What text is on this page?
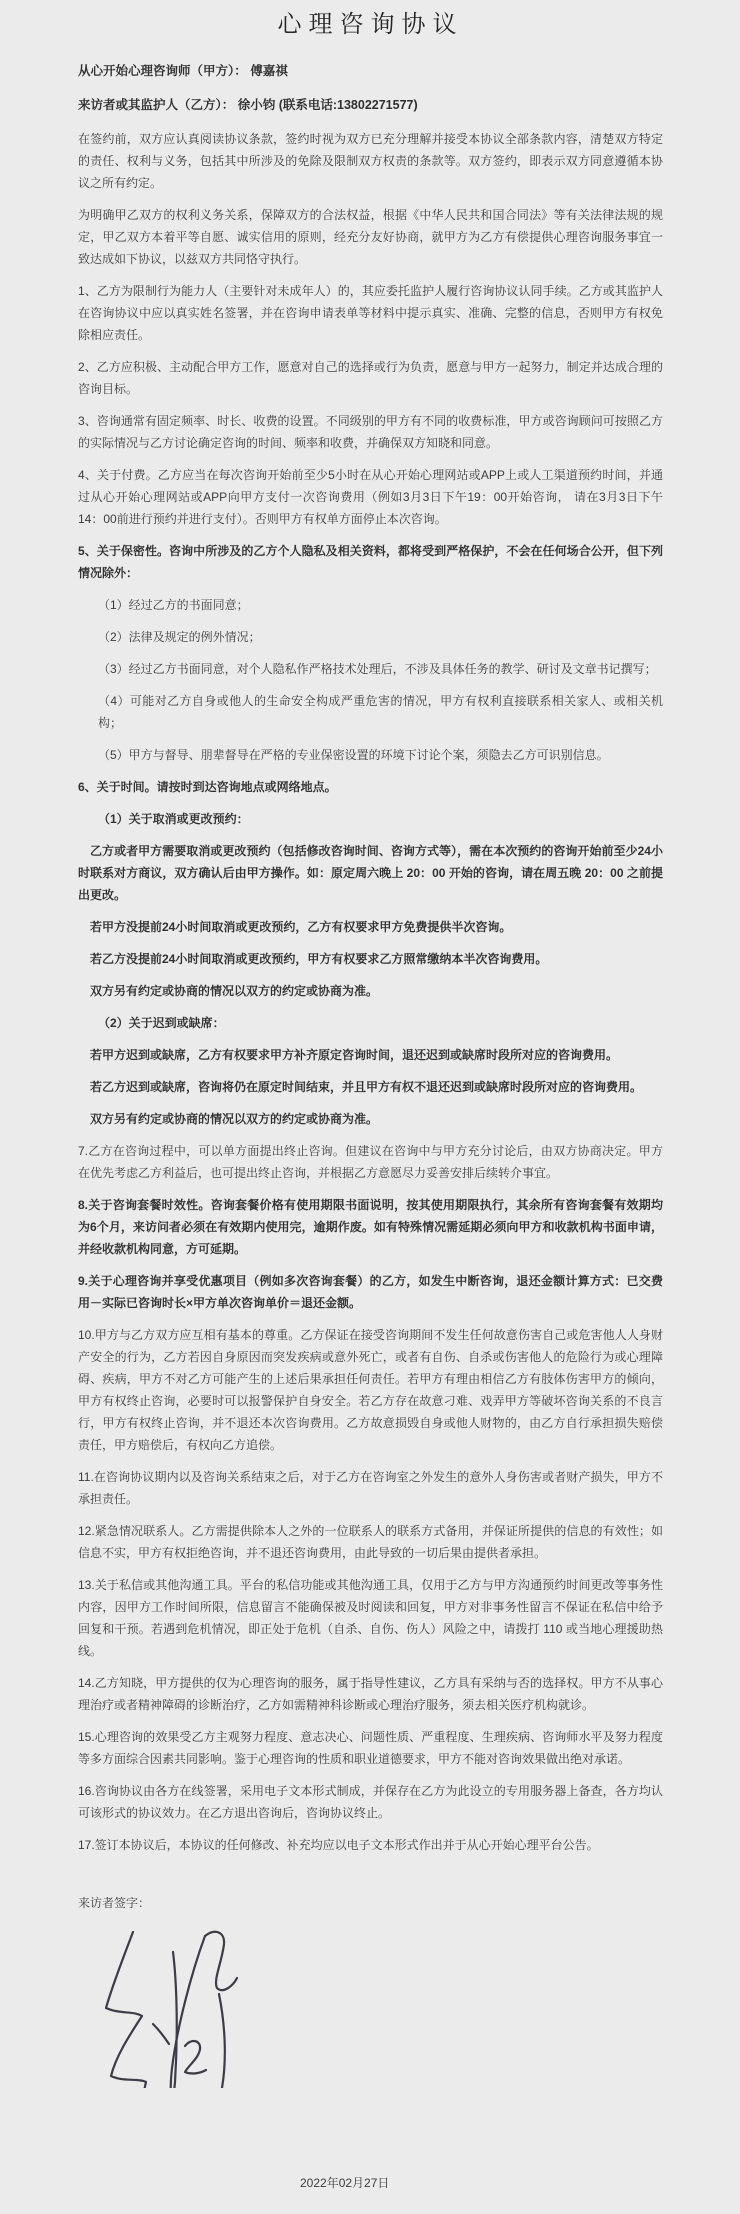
心理咨询协议
从心开始心理咨询师（甲方）： 傅嘉祺
来访者或其监护人（乙方）： 徐小钧 (联系电话:13802271577)

在签约前，双方应认真阅读协议条款，签约时视为双方已充分理解并接受本协议全部条款内容，清楚双方特定的责任、权利与义务，包括其中所涉及的免除及限制双方权责的条款等。双方签约，即表示双方同意遵循本协议之所有约定。

为明确甲乙双方的权利义务关系，保障双方的合法权益，根据《中华人民共和国合同法》等有关法律法规的规定，甲乙双方本着平等自愿、诚实信用的原则，经充分友好协商，就甲方为乙方有偿提供心理咨询服务事宜一致达成如下协议，以兹双方共同恪守执行。

1、乙方为限制行为能力人（主要针对未成年人）的，其应委托监护人履行咨询协议认同手续。乙方或其监护人在咨询协议中应以真实姓名签署，并在咨询申请表单等材料中提示真实、准确、完整的信息，否则甲方有权免除相应责任。

2、乙方应积极、主动配合甲方工作，愿意对自己的选择或行为负责，愿意与甲方一起努力，制定并达成合理的咨询目标。

3、咨询通常有固定频率、时长、收费的设置。不同级别的甲方有不同的收费标准，甲方或咨询顾问可按照乙方的实际情况与乙方讨论确定咨询的时间、频率和收费，并确保双方知晓和同意。

4、关于付费。乙方应当在每次咨询开始前至少5小时在从心开始心理网站或APP上或人工渠道预约时间，并通过从心开始心理网站或APP向甲方支付一次咨询费用（例如3月3日下午19：00开始咨询， 请在3月3日下午14：00前进行预约并进行支付）。否则甲方有权单方面停止本次咨询。

5、关于保密性。咨询中所涉及的乙方个人隐私及相关资料，都将受到严格保护，不会在任何场合公开，但下列情况除外：

（1）经过乙方的书面同意；

（2）法律及规定的例外情况；

（3）经过乙方书面同意，对个人隐私作严格技术处理后，不涉及具体任务的教学、研讨及文章书记撰写；

（4）可能对乙方自身或他人的生命安全构成严重危害的情况，甲方有权利直接联系相关家人、或相关机构；

（5）甲方与督导、朋辈督导在严格的专业保密设置的环境下讨论个案，须隐去乙方可识别信息。

6、关于时间。请按时到达咨询地点或网络地点。

（1）关于取消或更改预约：

乙方或者甲方需要取消或更改预约（包括修改咨询时间、咨询方式等），需在本次预约的咨询开始前至少24小时联系对方商议，双方确认后由甲方操作。如：原定周六晚上 20：00 开始的咨询，请在周五晚 20：00 之前提出更改。

若甲方没提前24小时间取消或更改预约，乙方有权要求甲方免费提供半次咨询。

若乙方没提前24小时间取消或更改预约，甲方有权要求乙方照常缴纳本半次咨询费用。

双方另有约定或协商的情况以双方的约定或协商为准。

（2）关于迟到或缺席：

若甲方迟到或缺席，乙方有权要求甲方补齐原定咨询时间，退还迟到或缺席时段所对应的咨询费用。

若乙方迟到或缺席，咨询将仍在原定时间结束，并且甲方有权不退还迟到或缺席时段所对应的咨询费用。

双方另有约定或协商的情况以双方的约定或协商为准。

7.乙方在咨询过程中，可以单方面提出终止咨询。但建议在咨询中与甲方充分讨论后，由双方协商决定。甲方在优先考虑乙方利益后，也可提出终止咨询，并根据乙方意愿尽力妥善安排后续转介事宜。

8.关于咨询套餐时效性。咨询套餐价格有使用期限书面说明，按其使用期限执行，其余所有咨询套餐有效期均为6个月，来访问者必须在有效期内使用完，逾期作废。如有特殊情况需延期必须向甲方和收款机构书面申请，并经收款机构同意，方可延期。

9.关于心理咨询并享受优惠项目（例如多次咨询套餐）的乙方，如发生中断咨询，退还金额计算方式：已交费用－实际已咨询时长×甲方单次咨询单价＝退还金额。

10.甲方与乙方双方应互相有基本的尊重。乙方保证在接受咨询期间不发生任何故意伤害自己或危害他人人身财产安全的行为，乙方若因自身原因而突发疾病或意外死亡，或者有自伤、自杀或伤害他人的危险行为或心理障碍、疾病，甲方不对乙方可能产生的上述后果承担任何责任。若甲方有理由相信乙方有肢体伤害甲方的倾向，甲方有权终止咨询，必要时可以报警保护自身安全。若乙方存在故意刁难、戏弄甲方等破坏咨询关系的不良言行，甲方有权终止咨询，并不退还本次咨询费用。乙方故意损毁自身或他人财物的，由乙方自行承担损失赔偿责任，甲方赔偿后，有权向乙方追偿。

11.在咨询协议期内以及咨询关系结束之后，对于乙方在咨询室之外发生的意外人身伤害或者财产损失，甲方不承担责任。

12.紧急情况联系人。乙方需提供除本人之外的一位联系人的联系方式备用，并保证所提供的信息的有效性；如信息不实，甲方有权拒绝咨询，并不退还咨询费用，由此导致的一切后果由提供者承担。

13.关于私信或其他沟通工具。平台的私信功能或其他沟通工具，仅用于乙方与甲方沟通预约时间更改等事务性内容，因甲方工作时间所限，信息留言不能确保被及时阅读和回复，甲方对非事务性留言不保证在私信中给予回复和干预。若遇到危机情况，即正处于危机（自杀、自伤、伤人）风险之中，请拨打 110 或当地心理援助热线。

14.乙方知晓，甲方提供的仅为心理咨询的服务，属于指导性建议，乙方具有采纳与否的选择权。甲方不从事心理治疗或者精神障碍的诊断治疗，乙方如需精神科诊断或心理治疗服务，须去相关医疗机构就诊。

15.心理咨询的效果受乙方主观努力程度、意志决心、问题性质、严重程度、生理疾病、咨询师水平及努力程度等多方面综合因素共同影响。鉴于心理咨询的性质和职业道德要求，甲方不能对咨询效果做出绝对承诺。

16.咨询协议由各方在线签署，采用电子文本形式制成，并保存在乙方为此设立的专用服务器上备查，各方均认可该形式的协议效力。在乙方退出咨询后，咨询协议终止。

17.签订本协议后，本协议的任何修改、补充均应以电子文本形式作出并于从心开始心理平台公告。

来访者签字：
2022年02月27日
